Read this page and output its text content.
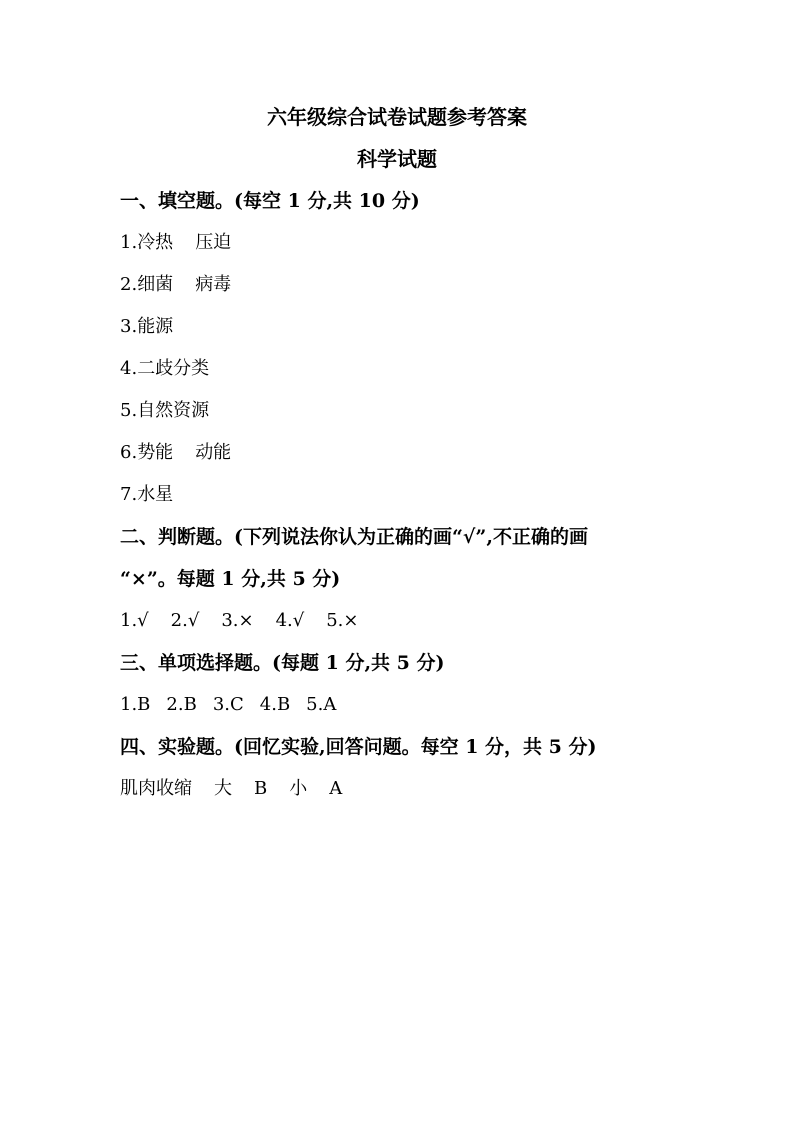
六年级综合试卷试题参考答案
科学试题
一、填空题。(每空 1 分,共 10 分)
1.冷热 压迫
2.细菌 病毒
3.能源
4.二歧分类
5.自然资源
6.势能 动能
7.水星
二、判断题。(下列说法你认为正确的画“√”,不正确的画
“×”。每题 1 分,共 5 分)
1.√ 2.√ 3.× 4.√ 5.×
三、单项选择题。(每题 1 分,共 5 分)
1.B 2.B 3.C 4.B 5.A
四、实验题。(回忆实验,回答问题。每空 1 分，共 5 分)
肌肉收缩 大 B 小 A
